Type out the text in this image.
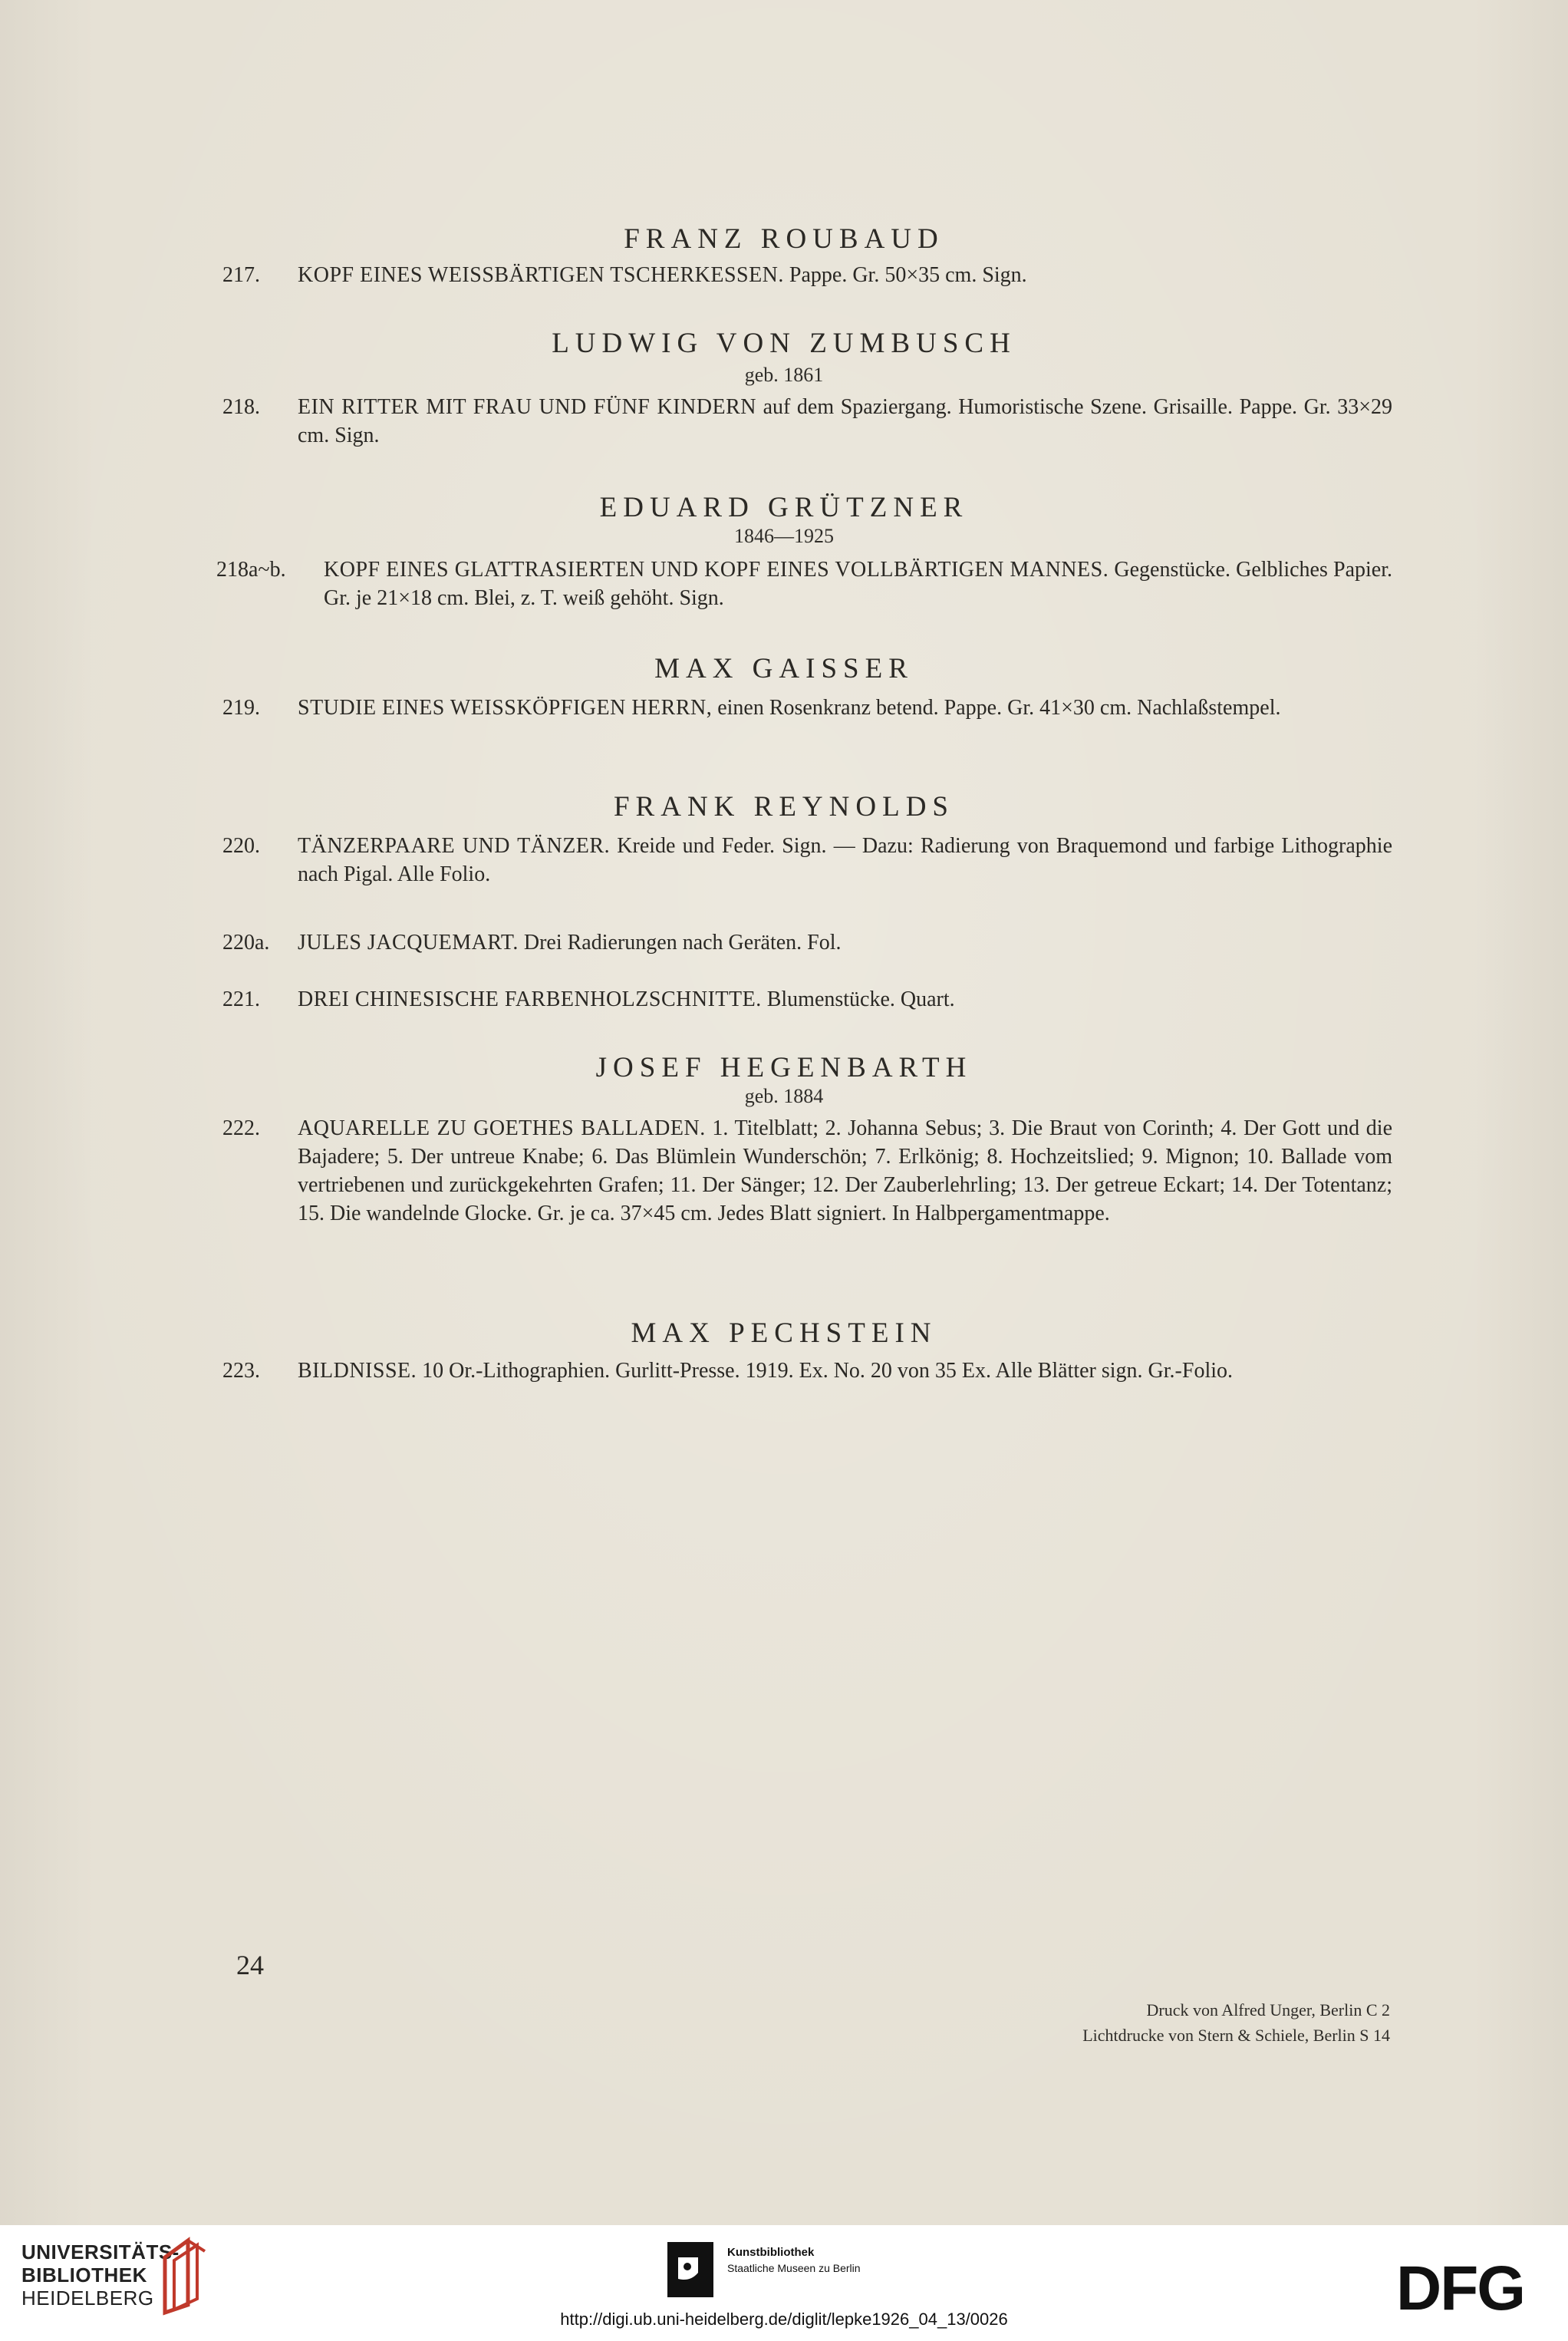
FRANZ ROUBAUD
217. KOPF EINES WEISSBÄRTIGEN TSCHERKESSEN. Pappe. Gr. 50×35 cm. Sign.
LUDWIG VON ZUMBUSCH
geb. 1861
218. EIN RITTER MIT FRAU UND FÜNF KINDERN auf dem Spaziergang. Humoristische Szene. Grisaille. Pappe. Gr. 33×29 cm. Sign.
EDUARD GRÜTZNER
1846—1925
218a~b. KOPF EINES GLATTRASIERTEN UND KOPF EINES VOLLBÄRTIGEN MANNES. Gegenstücke. Gelbliches Papier. Gr. je 21×18 cm. Blei, z. T. weiß gehöht. Sign.
MAX GAISSER
219. STUDIE EINES WEISSKÖPFIGEN HERRN, einen Rosenkranz betend. Pappe. Gr. 41×30 cm. Nachlaßstempel.
FRANK REYNOLDS
220. TÄNZERPAARE UND TÄNZER. Kreide und Feder. Sign. — Dazu: Radierung von Braquemond und farbige Lithographie nach Pigal. Alle Folio.
220a. JULES JACQUEMART. Drei Radierungen nach Geräten. Fol.
221. DREI CHINESISCHE FARBENHOLZSCHNITTE. Blumenstücke. Quart.
JOSEF HEGENBARTH
geb. 1884
222. AQUARELLE ZU GOETHES BALLADEN. 1. Titelblatt; 2. Johanna Sebus; 3. Die Braut von Corinth; 4. Der Gott und die Bajadere; 5. Der untreue Knabe; 6. Das Blümlein Wunderschön; 7. Erlkönig; 8. Hochzeitslied; 9. Mignon; 10. Ballade vom vertriebenen und zurückgekehrten Grafen; 11. Der Sänger; 12. Der Zauberlehrling; 13. Der getreue Eckart; 14. Der Totentanz; 15. Die wandelnde Glocke. Gr. je ca. 37×45 cm. Jedes Blatt signiert. In Halbpergamentmappe.
MAX PECHSTEIN
223. BILDNISSE. 10 Or.-Lithographien. Gurlitt-Presse. 1919. Ex. No. 20 von 35 Ex. Alle Blätter sign. Gr.-Folio.
24
Druck von Alfred Unger, Berlin C 2
Lichtdrucke von Stern & Schiele, Berlin S 14
UNIVERSITÄTS-
BIBLIOTHEK
HEIDELBERG
Kunstbibliothek
Staatliche Museen zu Berlin	DFG
http://digi.ub.uni-heidelberg.de/diglit/lepke1926_04_13/0026
